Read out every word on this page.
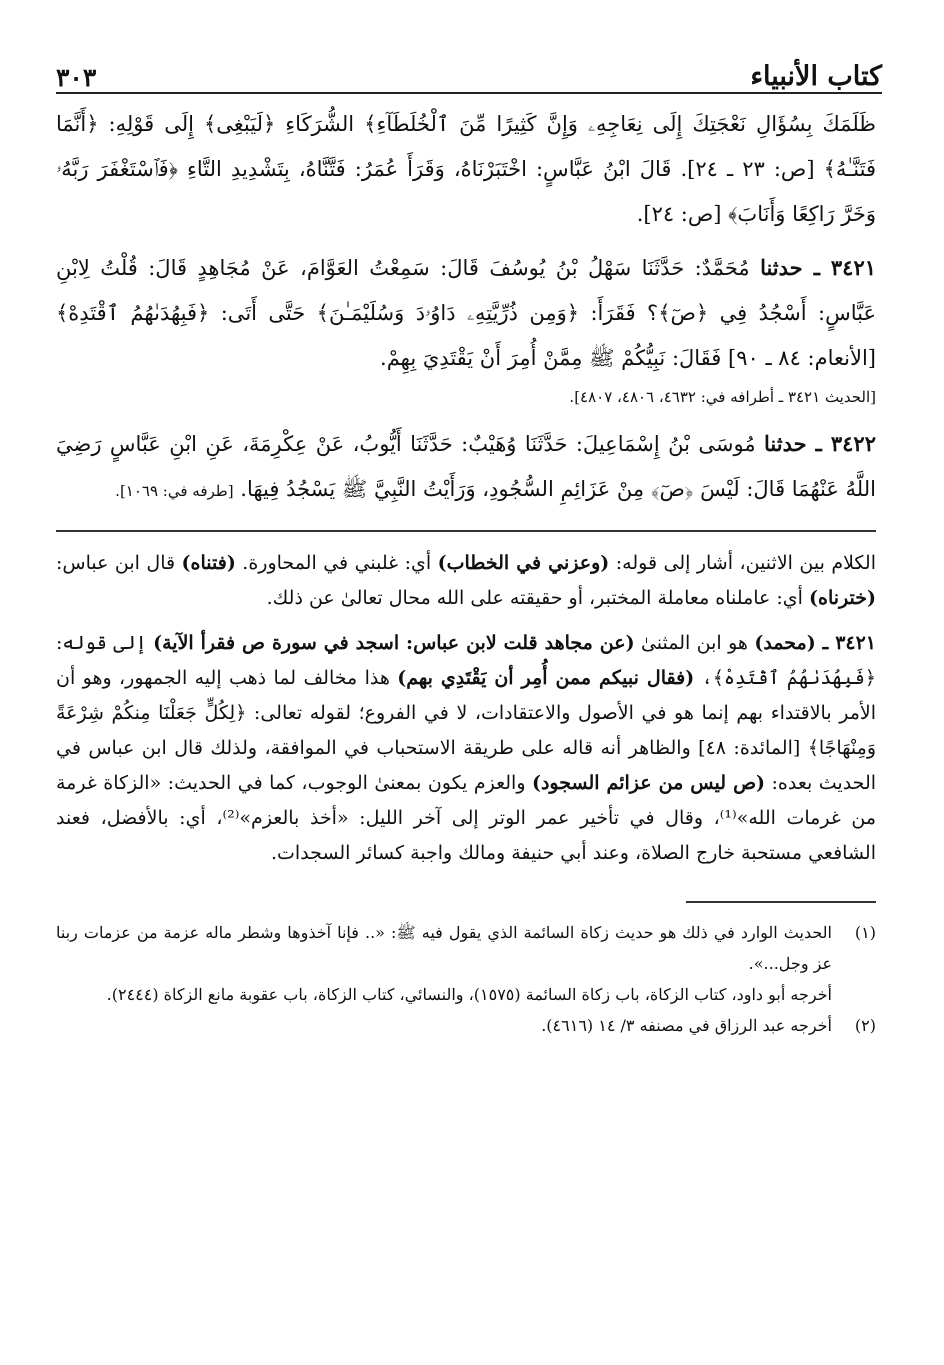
كتاب الأنبياء
٣٠٣
ظَلَمَكَ بِسُؤَالِ نَعْجَتِكَ إِلَى نِعَاجِهِۦ وَإِنَّ كَثِيرًا مِّنَ ٱلْخُلَطَآءِ﴾ الشُّرَكَاءِ ﴿لَيَبْغِى﴾ إِلَى قَوْلِهِ: ﴿أَنَّمَا فَتَنَّـٰهُ﴾ [ص: ٢٣ ـ ٢٤]. قَالَ ابْنُ عَبَّاسٍ: اخْتَبَرْنَاهُ، وَقَرَأَ عُمَرُ: فَتَّنَّاهُ، بِتَشْدِيدِ التَّاءِ ﴿فَٱسْتَغْفَرَ رَبَّهُۥ وَخَرَّ رَاكِعًا وَأَنَابَ﴾ [ص: ٢٤].
٣٤٢١ ـ حدثنا مُحَمَّدٌ: حَدَّثَنَا سَهْلُ بْنُ يُوسُفَ قَالَ: سَمِعْتُ العَوَّامَ، عَنْ مُجَاهِدٍ قَالَ: قُلْتُ لِابْنِ عَبَّاسٍ: أَسْجُدُ فِي ﴿صٓ﴾؟ فَقَرَأَ: ﴿وَمِن ذُرِّيَّتِهِۦ دَاوُۥدَ وَسُلَيْمَـٰنَ﴾ حَتَّى أَتَى: ﴿فَبِهُدَىٰهُمُ ٱقْتَدِهْ﴾ [الأنعام: ٨٤ ـ ٩٠] فَقَالَ: نَبِيُّكُمْ ﷺ مِمَّنْ أُمِرَ أَنْ يَقْتَدِيَ بِهِمْ.
[الحديث ٣٤٢١ ـ أطرافه في: ٤٦٣٢، ٤٨٠٦، ٤٨٠٧].
٣٤٢٢ ـ حدثنا مُوسَى بْنُ إِسْمَاعِيلَ: حَدَّثَنَا وُهَيْبٌ: حَدَّثَنَا أَيُّوبُ، عَنْ عِكْرِمَةَ، عَنِ ابْنِ عَبَّاسٍ رَضِيَ اللَّهُ عَنْهُمَا قَالَ: لَيْسَ ﴿صٓ﴾ مِنْ عَزَائِمِ السُّجُودِ، وَرَأَيْتُ النَّبِيَّ ﷺ يَسْجُدُ فِيهَا. [طرفه في: ١٠٦٩].

الكلام بين الاثنين، أشار إلى قوله: (وعزني في الخطاب) أي: غلبني في المحاورة. (فتناه) قال ابن عباس: (خترناه) أي: عاملناه معاملة المختبر، أو حقيقته على الله محال تعالىٰ عن ذلك.

٣٤٢١ ـ (محمد) هو ابن المثنىٰ (عن مجاهد قلت لابن عباس: اسجد في سورة ص فقرأ الآية) إلى قوله: ﴿فَبِهُدَىٰهُمُ ٱقْتَدِهْ﴾، (فقال نبيكم ممن أُمِر أن يَقْتَدِي بهم) هذا مخالف لما ذهب إليه الجمهور، وهو أن الأمر بالاقتداء بهم إنما هو في الأصول والاعتقادات، لا في الفروع؛ لقوله تعالى: ﴿لِكُلٍّ جَعَلْنَا مِنكُمْ شِرْعَةً وَمِنْهَاجًا﴾ [المائدة: ٤٨] والظاهر أنه قاله على طريقة الاستحباب في الموافقة، ولذلك قال ابن عباس في الحديث بعده: (ص ليس من عزائم السجود) والعزم يكون بمعنىٰ الوجوب، كما في الحديث: «الزكاة غرمة من غرمات الله»⁽¹⁾، وقال في تأخير عمر الوتر إلى آخر الليل: «أخذ بالعزم»⁽²⁾، أي: بالأفضل، فعند الشافعي مستحبة خارج الصلاة، وعند أبي حنيفة ومالك واجبة كسائر السجدات.

(١)
الحديث الوارد في ذلك هو حديث زكاة السائمة الذي يقول فيه ﷺ: «.. فإنا آخذوها وشطر ماله عزمة من عزمات ربنا عز وجل...».
أخرجه أبو داود، كتاب الزكاة، باب زكاة السائمة (١٥٧٥)، والنسائي، كتاب الزكاة، باب عقوبة مانع الزكاة (٢٤٤٤).
(٢)
أخرجه عبد الرزاق في مصنفه ٣/ ١٤ (٤٦١٦).
